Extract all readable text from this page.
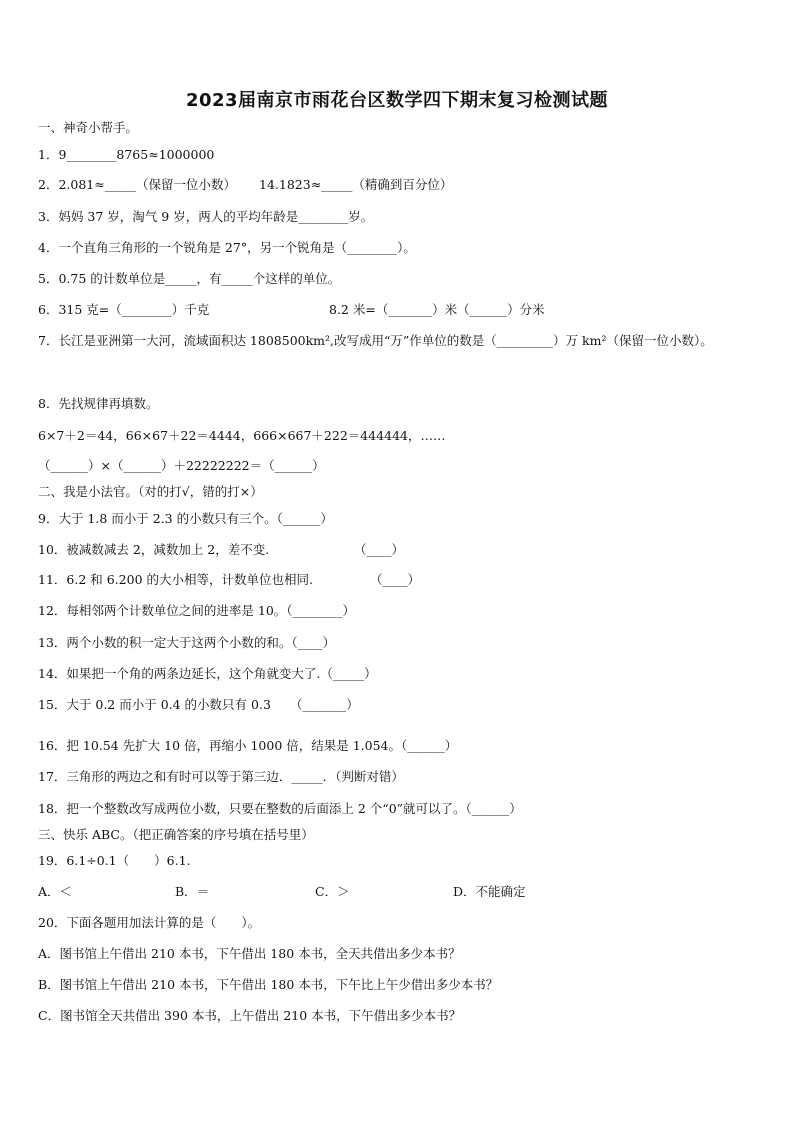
2023届南京市雨花台区数学四下期末复习检测试题
一、神奇小帮手。
1．9________8765≈1000000
2．2.081≈_____（保留一位小数） 14.1823≈_____（精确到百分位）
3．妈妈 37 岁，淘气 9 岁，两人的平均年龄是________岁。
4．一个直角三角形的一个锐角是 27°，另一个锐角是（________）。
5．0.75 的计数单位是_____，有_____个这样的单位。
6．315 克=（________）千克	8.2 米=（_______）米（______）分米
7．长江是亚洲第一大河，流域面积达 1808500km²,改写成用“万”作单位的数是（_________）万 km²（保留一位小数）。
8．先找规律再填数。
6×7＋2＝44，66×67＋22＝4444，666×667＋222＝444444，……
（______）×（______）＋22222222＝（______）
二、我是小法官。（对的打√，错的打×）
9．大于 1.8 而小于 2.3 的小数只有三个。（______）
10．被减数减去 2，减数加上 2，差不变.	（____）
11．6.2 和 6.200 的大小相等，计数单位也相同.	（____）
12．每相邻两个计数单位之间的进率是 10。（________）
13．两个小数的积一定大于这两个小数的和。（____）
14．如果把一个角的两条边延长，这个角就变大了.（_____）
15．大于 0.2 而小于 0.4 的小数只有 0.3 （_______）
16．把 10.54 先扩大 10 倍，再缩小 1000 倍，结果是 1.054。（______）
17．三角形的两边之和有时可以等于第三边．_____．（判断对错）
18．把一个整数改写成两位小数，只要在整数的后面添上 2 个“0”就可以了。（______）
三、快乐 ABC。（把正确答案的序号填在括号里）
19．6.1÷0.1（　　）6.1.
A．＜	B．＝	C．＞	D．不能确定
20．下面各题用加法计算的是（　　）。
A．图书馆上午借出 210 本书，下午借出 180 本书，全天共借出多少本书？
B．图书馆上午借出 210 本书，下午借出 180 本书，下午比上午少借出多少本书？
C．图书馆全天共借出 390 本书，上午借出 210 本书，下午借出多少本书？
